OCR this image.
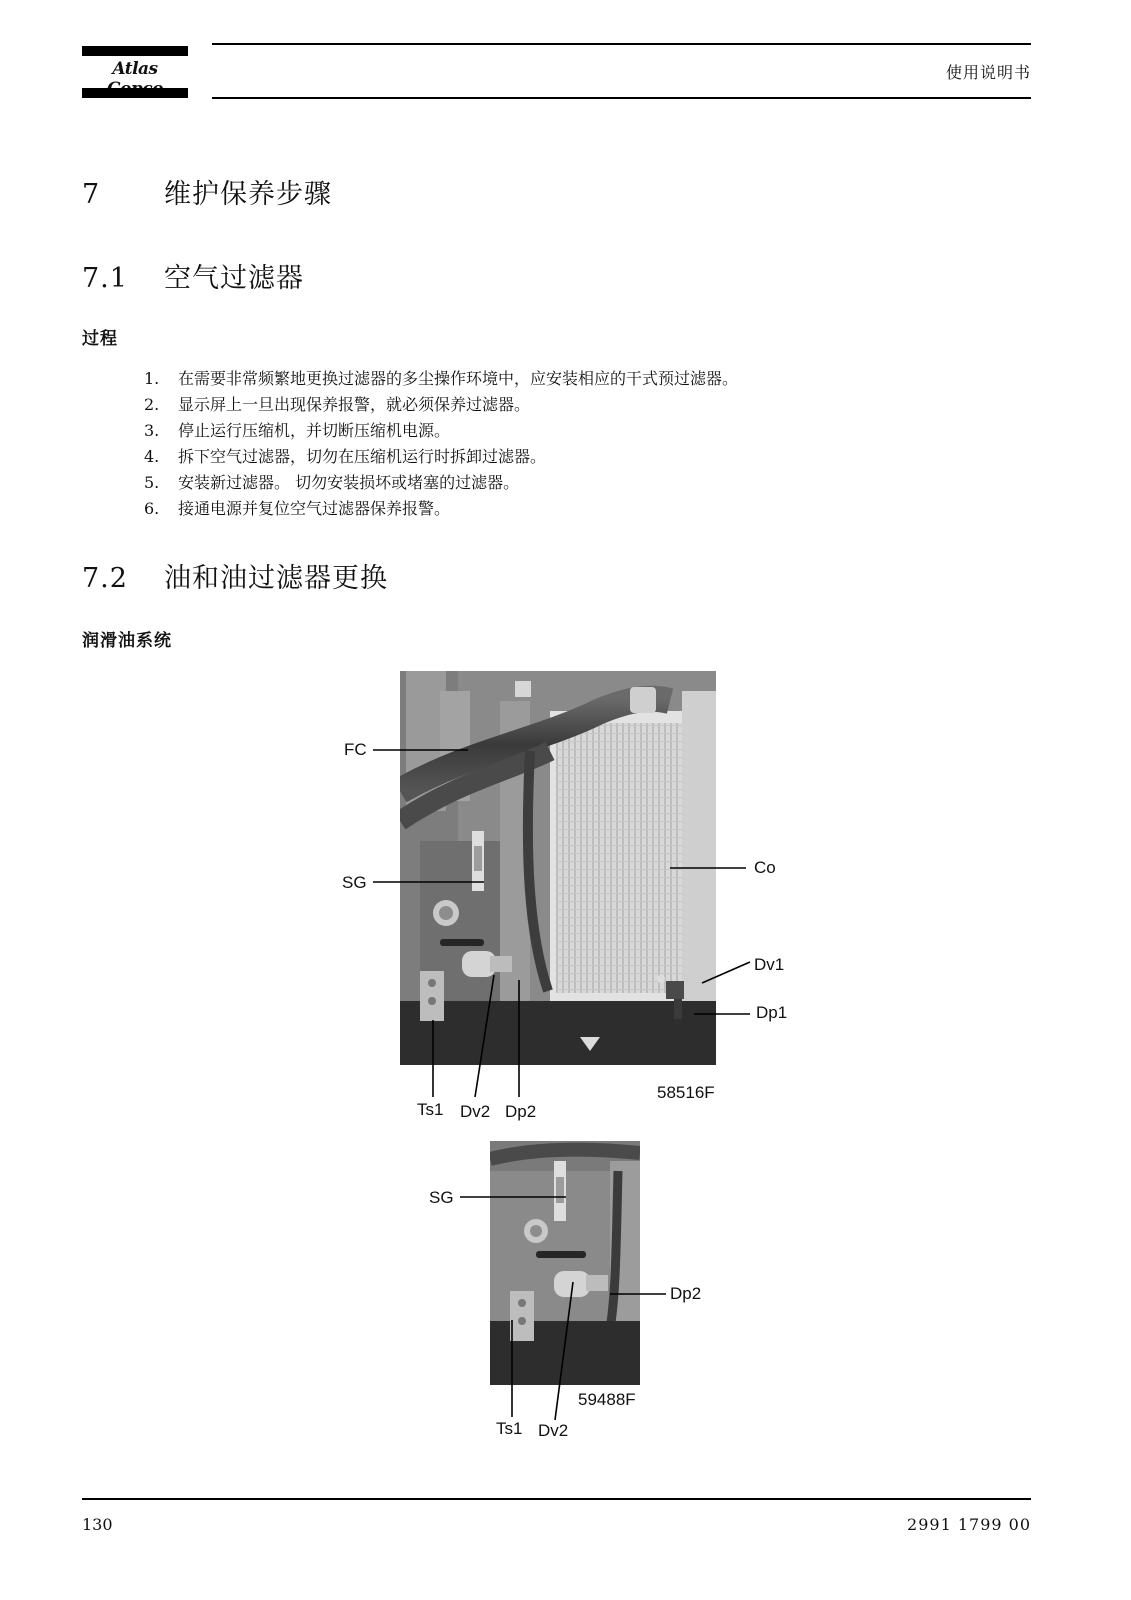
Atlas	使用说明书
7 维护保养步骤
7.1 空气过滤器
过程
1. 在需要非常频繁地更换过滤器的多尘操作环境中，应安装相应的干式预过滤器。
2. 显示屏上一旦出现保养报警，就必须保养过滤器。
3. 停止运行压缩机，并切断压缩机电源。
4. 拆下空气过滤器，切勿在压缩机运行时拆卸过滤器。
5. 安装新过滤器。 切勿安装损坏或堵塞的过滤器。
6. 接通电源并复位空气过滤器保养报警。
7.2 油和油过滤器更换
润滑油系统
FC
SG
Co
Dv1
Dp1
Ts1 Dv2 Dp2
58516F
SG
Dp2
Ts1 Dv2
59488F
130	2991 1799 00
